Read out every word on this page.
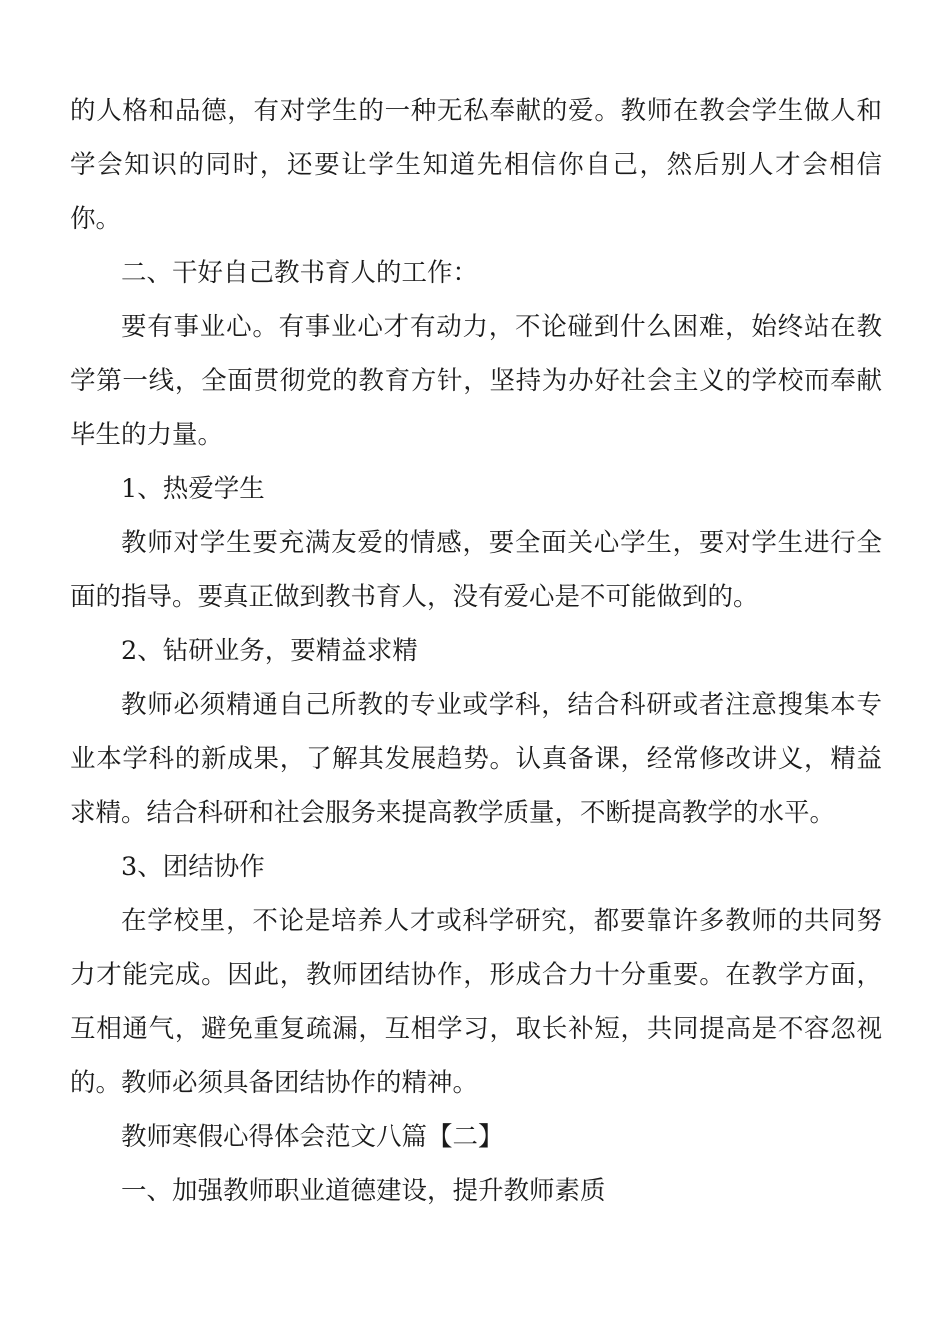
的人格和品德，有对学生的一种无私奉献的爱。教师在教会学生做人和学会知识的同时，还要让学生知道先相信你自己，然后别人才会相信你。

二、干好自己教书育人的工作：

要有事业心。有事业心才有动力，不论碰到什么困难，始终站在教学第一线，全面贯彻党的教育方针，坚持为办好社会主义的学校而奉献毕生的力量。

1、热爱学生

教师对学生要充满友爱的情感，要全面关心学生，要对学生进行全面的指导。要真正做到教书育人，没有爱心是不可能做到的。

2、钻研业务，要精益求精

教师必须精通自己所教的专业或学科，结合科研或者注意搜集本专业本学科的新成果，了解其发展趋势。认真备课，经常修改讲义，精益求精。结合科研和社会服务来提高教学质量，不断提高教学的水平。

3、团结协作

在学校里，不论是培养人才或科学研究，都要靠许多教师的共同努力才能完成。因此，教师团结协作，形成合力十分重要。在教学方面，互相通气，避免重复疏漏，互相学习，取长补短，共同提高是不容忽视的。教师必须具备团结协作的精神。

教师寒假心得体会范文八篇【二】

一、加强教师职业道德建设，提升教师素质
